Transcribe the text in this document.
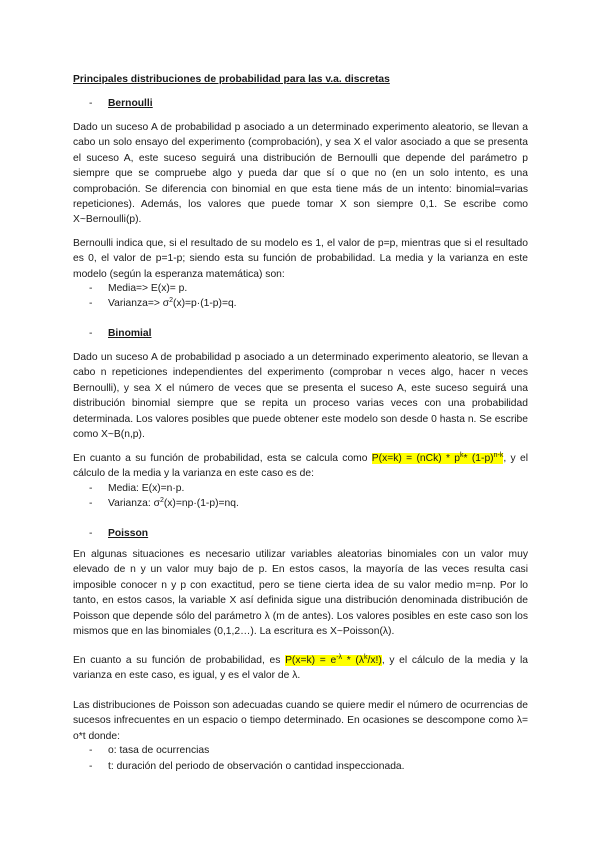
Principales distribuciones de probabilidad para las v.a. discretas
- Bernoulli
Dado un suceso A de probabilidad p asociado a un determinado experimento aleatorio, se llevan a cabo un solo ensayo del experimento (comprobación), y sea X el valor asociado a que se presenta el suceso A, este suceso seguirá una distribución de Bernoulli que depende del parámetro p siempre que se compruebe algo y pueda dar que sí o que no (en un solo intento, es una comprobación. Se diferencia con binomial en que esta tiene más de un intento: binomial=varias repeticiones). Además, los valores que puede tomar X son siempre 0,1. Se escribe como X~Bernoulli(p).
Bernoulli indica que, si el resultado de su modelo es 1, el valor de p=p, mientras que si el resultado es 0, el valor de p=1-p; siendo esta su función de probabilidad. La media y la varianza en este modelo (según la esperanza matemática) son:
- Media=> E(x)= p.
- Varianza=> $\sigma^2(x)=p\cdot(1-p)=q$.
- Binomial
Dado un suceso A de probabilidad p asociado a un determinado experimento aleatorio, se llevan a cabo n repeticiones independientes del experimento (comprobar n veces algo, hacer n veces Bernoulli), y sea X el número de veces que se presenta el suceso A, este suceso seguirá una distribución binomial siempre que se repita un proceso varias veces con una probabilidad determinada. Los valores posibles que puede obtener este modelo son desde 0 hasta n. Se escribe como X~B(n,p).
En cuanto a su función de probabilidad, esta se calcula como $P(x=k) = (nCk) * p^k*$ $(1-p)^{n-k}$, y el cálculo de la media y la varianza en este caso es de:
- Media: E(x)=n·p.
- Varianza: $\sigma^2(x)=np\cdot(1-p)=nq$.
- Poisson
En algunas situaciones es necesario utilizar variables aleatorias binomiales con un valor muy elevado de n y un valor muy bajo de p. En estos casos, la mayoría de las veces resulta casi imposible conocer n y p con exactitud, pero se tiene cierta idea de su valor medio m=np. Por lo tanto, en estos casos, la variable X así definida sigue una distribución denominada distribución de Poisson que depende sólo del parámetro λ (m de antes). Los valores posibles en este caso son los mismos que en las binomiales (0,1,2…). La escritura es X~Poisson(λ).
En cuanto a su función de probabilidad, es $P(x=k) = e^{-\lambda} * (\lambda^k/x!)$, y el cálculo de la media y la varianza en este caso, es igual, y es el valor de λ.
Las distribuciones de Poisson son adecuadas cuando se quiere medir el número de ocurrencias de sucesos infrecuentes en un espacio o tiempo determinado. En ocasiones se descompone como λ= o*t donde:
- o: tasa de ocurrencias
- t: duración del periodo de observación o cantidad inspeccionada.
